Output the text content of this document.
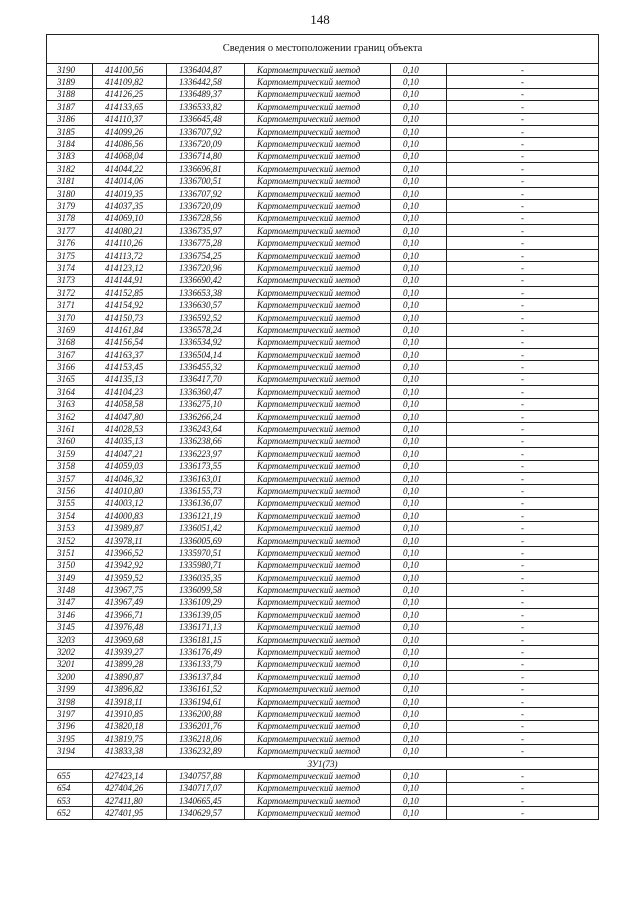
148
Сведения о местоположении границ объекта					
3190	414100,56	1336404,87	Картометрический метод	0,10	-
3189	414109,82	1336442,58	Картометрический метод	0,10	-
3188	414126,25	1336489,37	Картометрический метод	0,10	-
3187	414133,65	1336533,82	Картометрический метод	0,10	-
3186	414110,37	1336645,48	Картометрический метод	0,10	-
3185	414099,26	1336707,92	Картометрический метод	0,10	-
3184	414086,56	1336720,09	Картометрический метод	0,10	-
3183	414068,04	1336714,80	Картометрический метод	0,10	-
3182	414044,22	1336696,81	Картометрический метод	0,10	-
3181	414014,06	1336700,51	Картометрический метод	0,10	-
3180	414019,35	1336707,92	Картометрический метод	0,10	-
3179	414037,35	1336720,09	Картометрический метод	0,10	-
3178	414069,10	1336728,56	Картометрический метод	0,10	-
3177	414080,21	1336735,97	Картометрический метод	0,10	-
3176	414110,26	1336775,28	Картометрический метод	0,10	-
3175	414113,72	1336754,25	Картометрический метод	0,10	-
3174	414123,12	1336720,96	Картометрический метод	0,10	-
3173	414144,91	1336690,42	Картометрический метод	0,10	-
3172	414152,85	1336653,38	Картометрический метод	0,10	-
3171	414154,92	1336630,57	Картометрический метод	0,10	-
3170	414150,73	1336592,52	Картометрический метод	0,10	-
3169	414161,84	1336578,24	Картометрический метод	0,10	-
3168	414156,54	1336534,92	Картометрический метод	0,10	-
3167	414163,37	1336504,14	Картометрический метод	0,10	-
3166	414153,45	1336455,32	Картометрический метод	0,10	-
3165	414135,13	1336417,70	Картометрический метод	0,10	-
3164	414104,23	1336360,47	Картометрический метод	0,10	-
3163	414058,58	1336275,10	Картометрический метод	0,10	-
3162	414047,80	1336266,24	Картометрический метод	0,10	-
3161	414028,53	1336243,64	Картометрический метод	0,10	-
3160	414035,13	1336238,66	Картометрический метод	0,10	-
3159	414047,21	1336223,97	Картометрический метод	0,10	-
3158	414059,03	1336173,55	Картометрический метод	0,10	-
3157	414046,32	1336163,01	Картометрический метод	0,10	-
3156	414010,80	1336155,73	Картометрический метод	0,10	-
3155	414003,12	1336136,07	Картометрический метод	0,10	-
3154	414000,83	1336121,19	Картометрический метод	0,10	-
3153	413989,87	1336051,42	Картометрический метод	0,10	-
3152	413978,11	1336005,69	Картометрический метод	0,10	-
3151	413966,52	1335970,51	Картометрический метод	0,10	-
3150	413942,92	1335980,71	Картометрический метод	0,10	-
3149	413959,52	1336035,35	Картометрический метод	0,10	-
3148	413967,75	1336099,58	Картометрический метод	0,10	-
3147	413967,49	1336109,29	Картометрический метод	0,10	-
3146	413966,71	1336139,05	Картометрический метод	0,10	-
3145	413976,48	1336171,13	Картометрический метод	0,10	-
3203	413969,68	1336181,15	Картометрический метод	0,10	-
3202	413939,27	1336176,49	Картометрический метод	0,10	-
3201	413899,28	1336133,79	Картометрический метод	0,10	-
3200	413890,87	1336137,84	Картометрический метод	0,10	-
3199	413896,82	1336161,52	Картометрический метод	0,10	-
3198	413918,11	1336194,61	Картометрический метод	0,10	-
3197	413910,85	1336200,88	Картометрический метод	0,10	-
3196	413820,18	1336201,76	Картометрический метод	0,10	-
3195	413819,75	1336218,06	Картометрический метод	0,10	-
3194	413833,38	1336232,89	Картометрический метод	0,10	-
ЗУ1(73)					
655	427423,14	1340757,88	Картометрический метод	0,10	-
654	427404,26	1340717,07	Картометрический метод	0,10	-
653	427411,80	1340665,45	Картометрический метод	0,10	-
652	427401,95	1340629,57	Картометрический метод	0,10	-
